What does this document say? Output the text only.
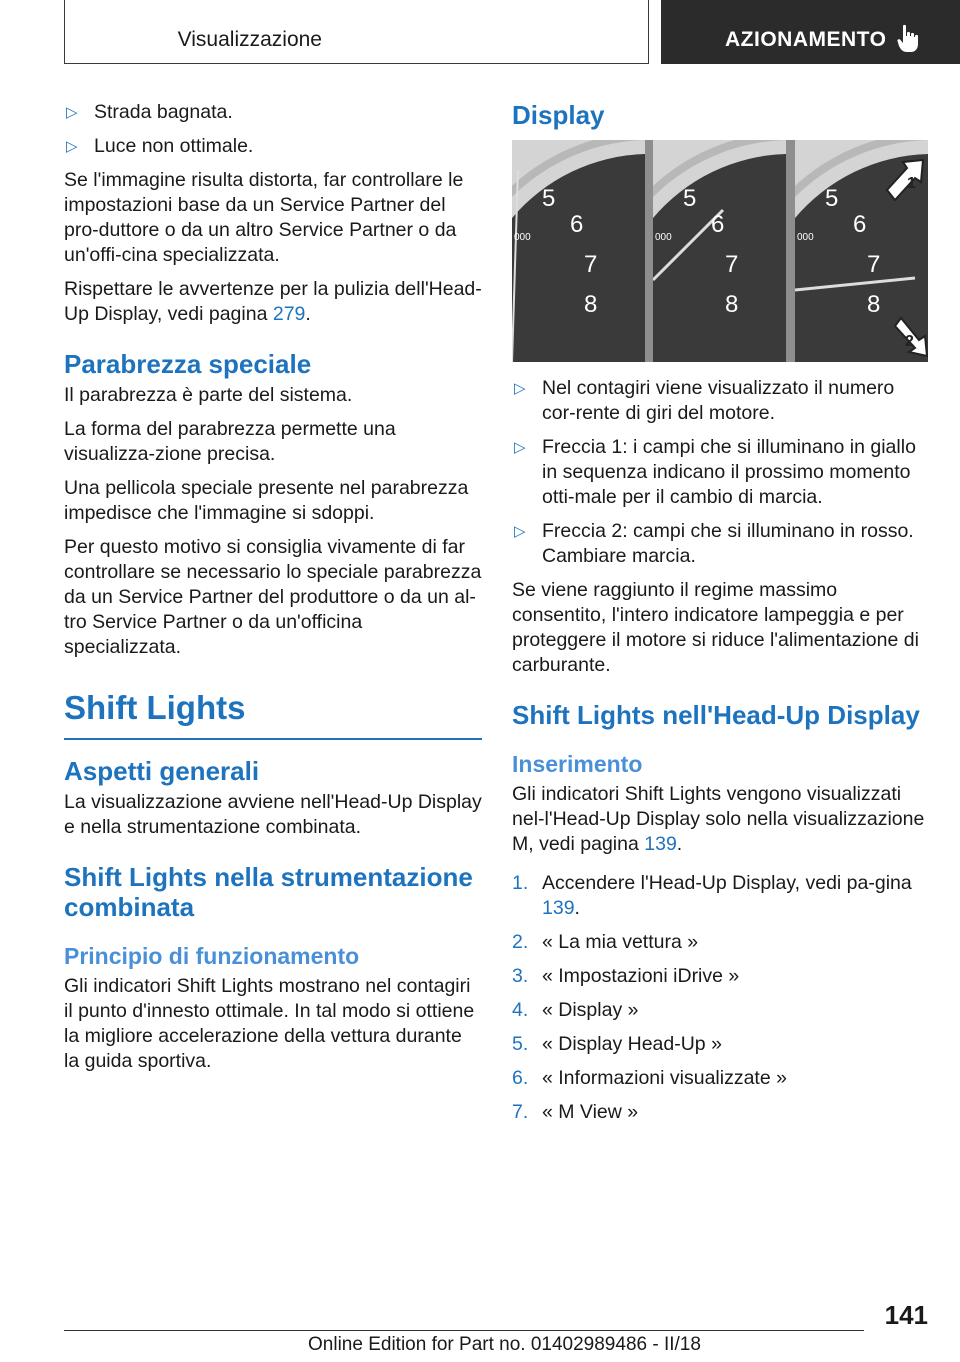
Visualizzazione	AZIONAMENTO
▷ Strada bagnata.
▷ Luce non ottimale.

Se l'immagine risulta distorta, far controllare le impostazioni base da un Service Partner del pro-duttore o da un altro Service Partner o da un'offi-cina specializzata.

Rispettare le avvertenze per la pulizia dell'Head-Up Display, vedi pagina 279.

Parabrezza speciale

Il parabrezza è parte del sistema.

La forma del parabrezza permette una visualizza-zione precisa.

Una pellicola speciale presente nel parabrezza impedisce che l'immagine si sdoppi.

Per questo motivo si consiglia vivamente di far controllare se necessario lo speciale parabrezza da un Service Partner del produttore o da un al-tro Service Partner o da un'officina specializzata.

Shift Lights
Aspetti generali

La visualizzazione avviene nell'Head-Up Display e nella strumentazione combinata.

Shift Lights nella strumentazione combinata
Principio di funzionamento

Gli indicatori Shift Lights mostrano nel contagiri il punto d'innesto ottimale. In tal modo si ottiene la migliore accelerazione della vettura durante la guida sportiva.

Display
5
6
7
8
000
5
6
7
8
000
5
6
7
8
000
1
2
▷ Nel contagiri viene visualizzato il numero cor-rente di giri del motore.
▷ Freccia 1: i campi che si illuminano in giallo in sequenza indicano il prossimo momento otti-male per il cambio di marcia.
▷ Freccia 2: campi che si illuminano in rosso. Cambiare marcia.

Se viene raggiunto il regime massimo consentito, l'intero indicatore lampeggia e per proteggere il motore si riduce l'alimentazione di carburante.

Shift Lights nell'Head-Up Display
Inserimento

Gli indicatori Shift Lights vengono visualizzati nel-l'Head-Up Display solo nella visualizzazione M, vedi pagina 139.

1. Accendere l'Head-Up Display, vedi pa-gina 139.
2. « La mia vettura »
3. « Impostazioni iDrive »
4. « Display »
5. « Display Head-Up »
6. « Informazioni visualizzate »
7. « M View »
141
Online Edition for Part no. 01402989486 - II/18
